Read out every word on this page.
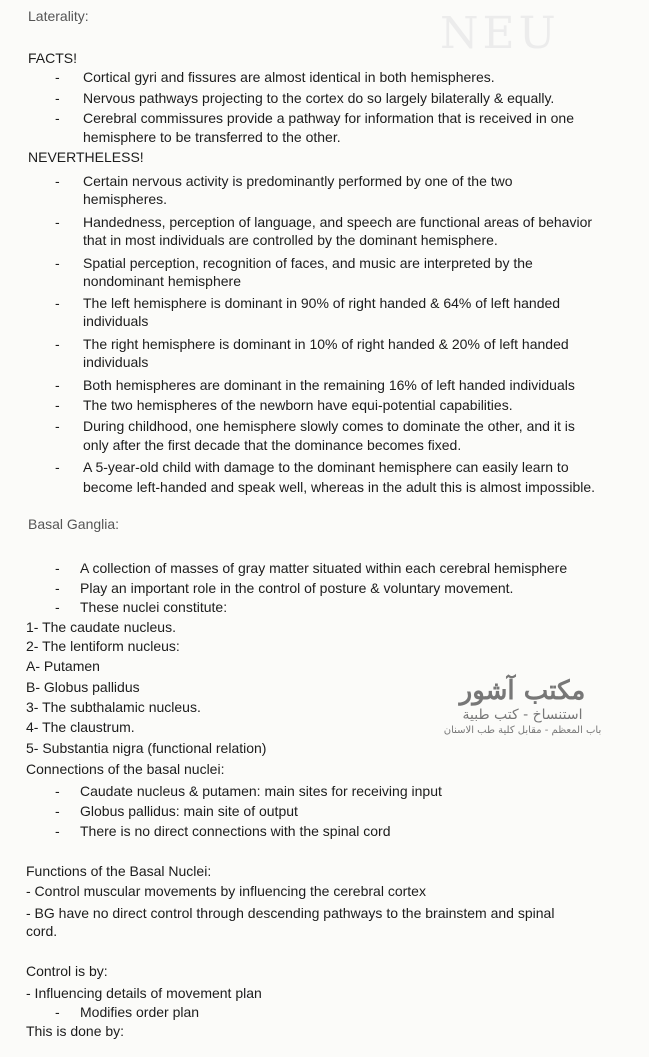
NEU
مكتب آشور
استنساخ - كتب طبية
باب المعظم - مقابل كلية طب الاسنان
Laterality:
FACTS!
- Cortical gyri and fissures are almost identical in both hemispheres.
- Nervous pathways projecting to the cortex do so largely bilaterally & equally.
- Cerebral commissures provide a pathway for information that is received in one
hemisphere to be transferred to the other.
NEVERTHELESS!
- Certain nervous activity is predominantly performed by one of the two
hemispheres.
- Handedness, perception of language, and speech are functional areas of behavior
that in most individuals are controlled by the dominant hemisphere.
- Spatial perception, recognition of faces, and music are interpreted by the
nondominant hemisphere
- The left hemisphere is dominant in 90% of right handed & 64% of left handed
individuals
- The right hemisphere is dominant in 10% of right handed & 20% of left handed
individuals
- Both hemispheres are dominant in the remaining 16% of left handed individuals
- The two hemispheres of the newborn have equi-potential capabilities.
- During childhood, one hemisphere slowly comes to dominate the other, and it is
only after the first decade that the dominance becomes fixed.
- A 5-year-old child with damage to the dominant hemisphere can easily learn to
become left-handed and speak well, whereas in the adult this is almost impossible.
Basal Ganglia:
- A collection of masses of gray matter situated within each cerebral hemisphere
- Play an important role in the control of posture & voluntary movement.
- These nuclei constitute:
1- The caudate nucleus.
2- The lentiform nucleus:
A- Putamen
B- Globus pallidus
3- The subthalamic nucleus.
4- The claustrum.
5- Substantia nigra (functional relation)
Connections of the basal nuclei:
- Caudate nucleus & putamen: main sites for receiving input
- Globus pallidus: main site of output
- There is no direct connections with the spinal cord
Functions of the Basal Nuclei:
- Control muscular movements by influencing the cerebral cortex
- BG have no direct control through descending pathways to the brainstem and spinal
cord.
Control is by:
- Influencing details of movement plan
- Modifies order plan
This is done by:
